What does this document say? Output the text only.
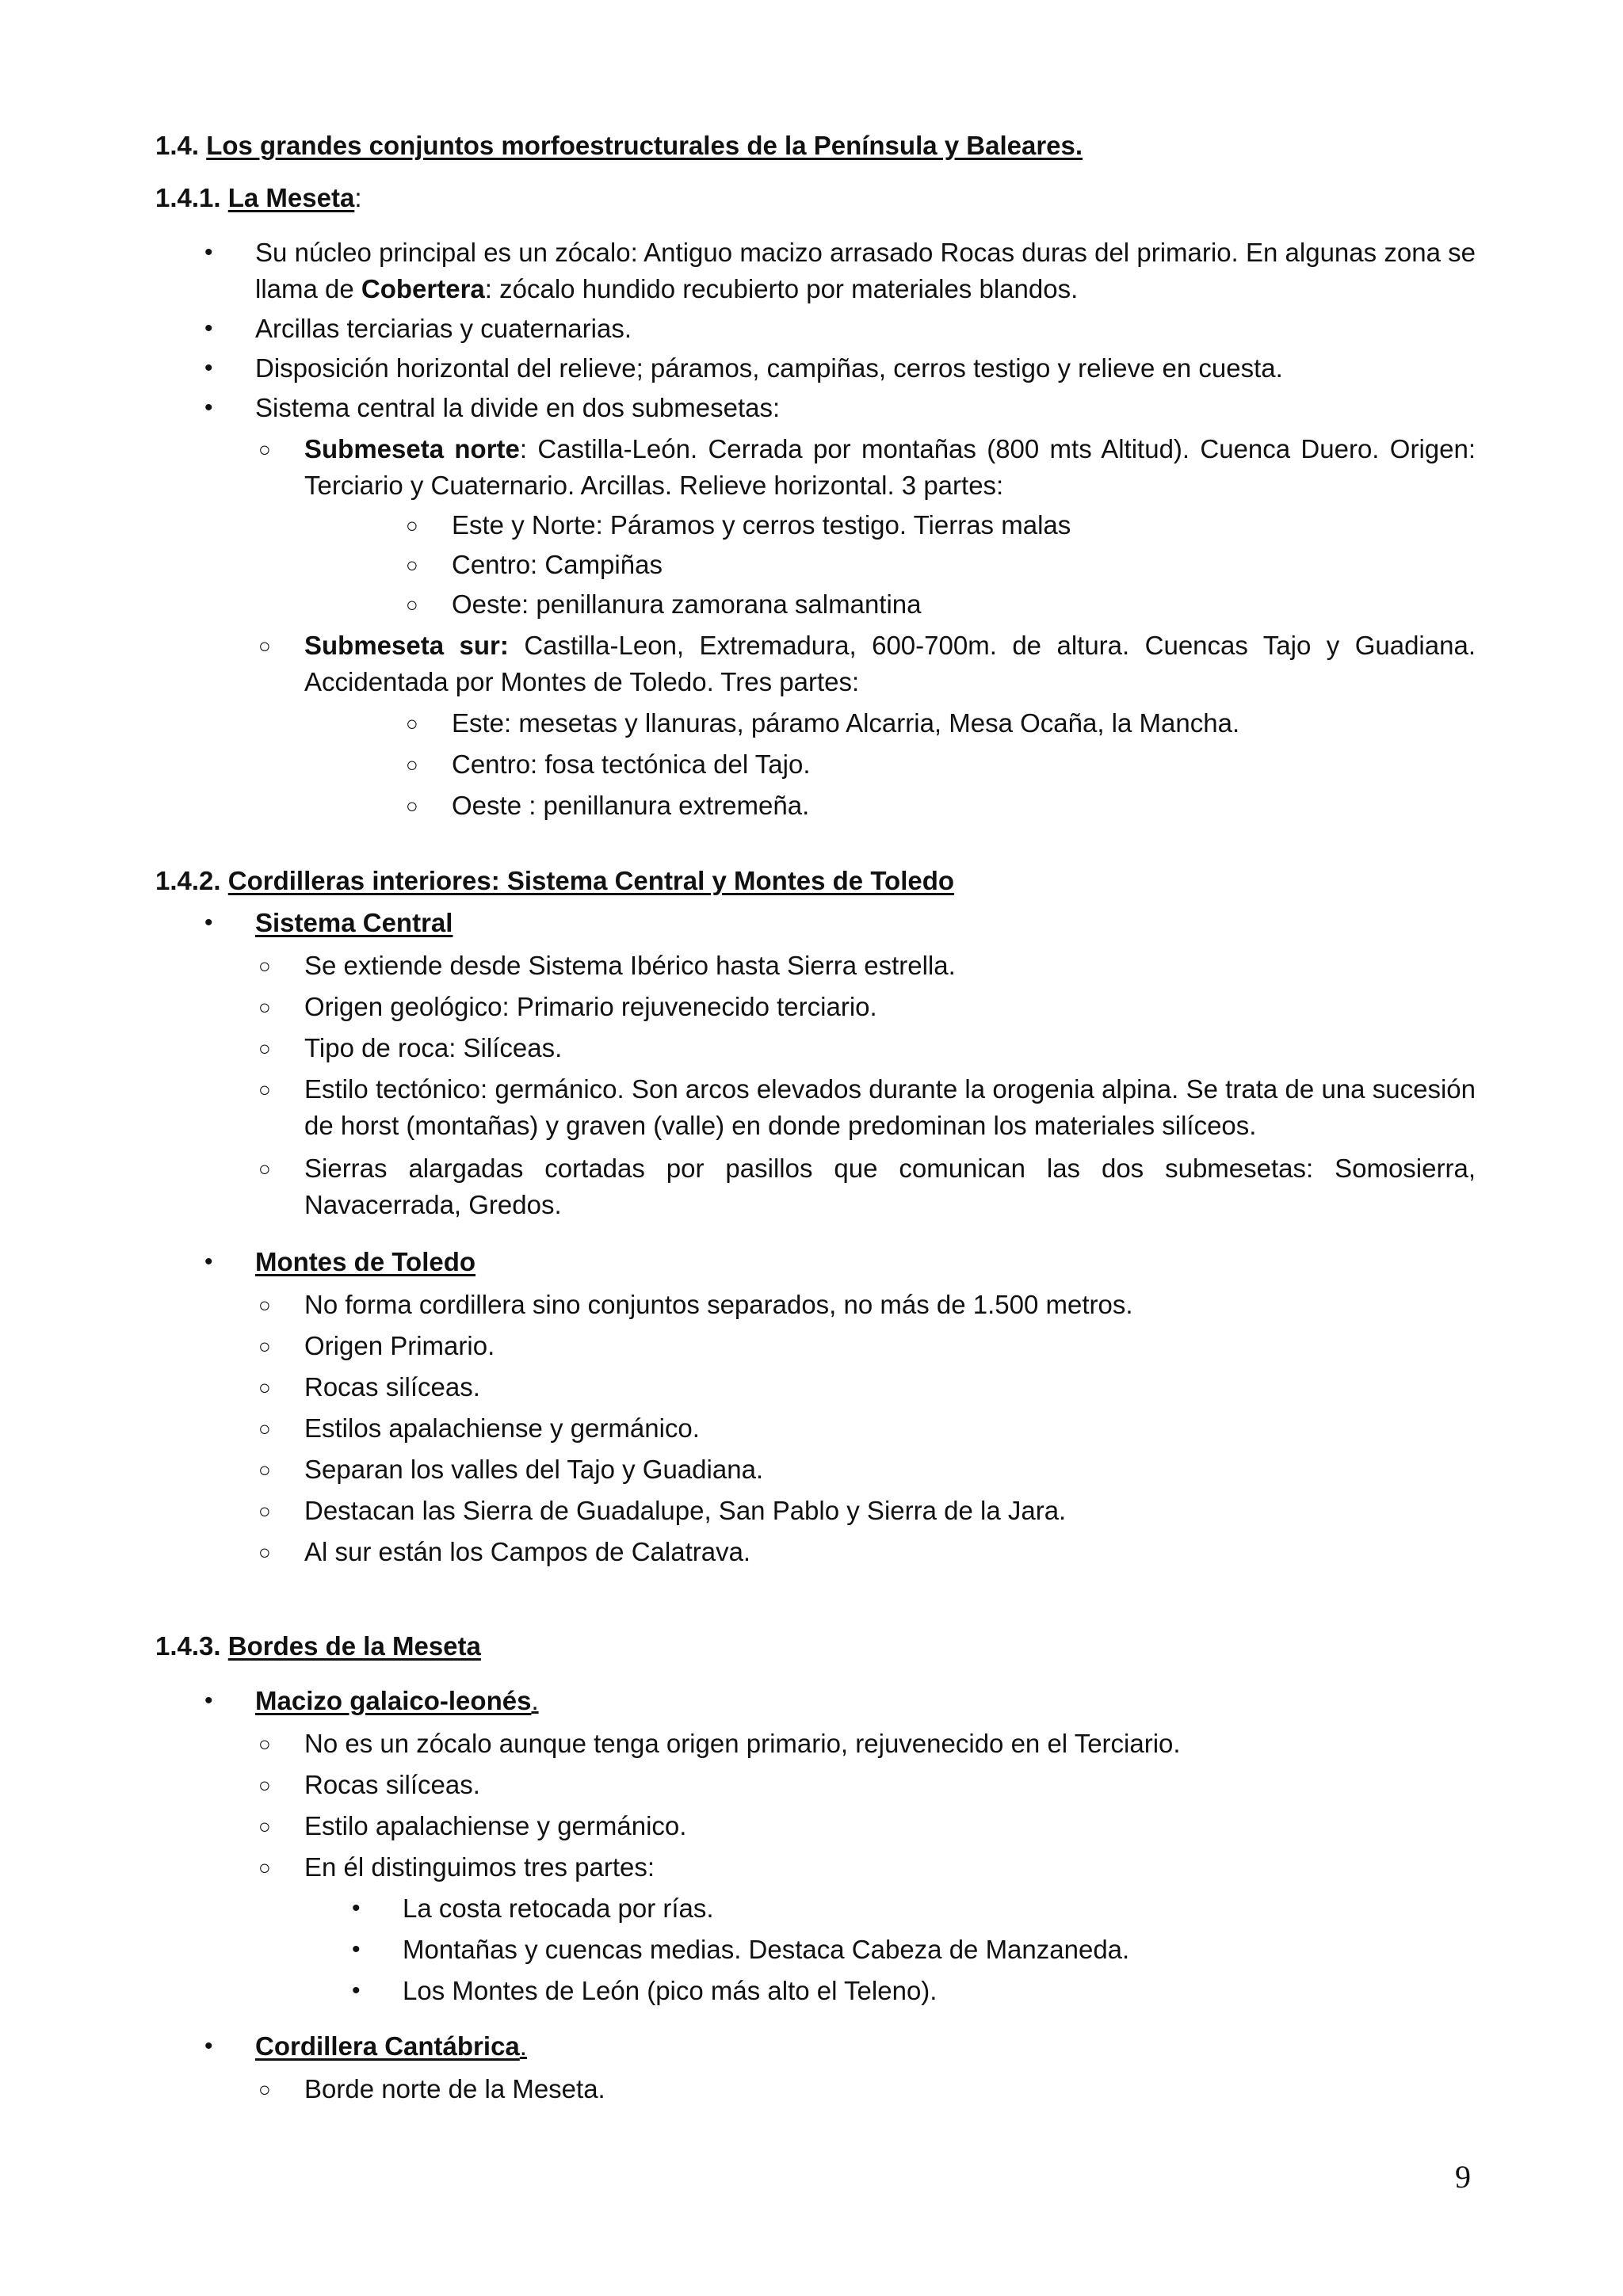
1.4. Los grandes conjuntos morfoestructurales de la Península y Baleares.
1.4.1. La Meseta:
• Su núcleo principal es un zócalo: Antiguo macizo arrasado Rocas duras del primario. En algunas zona se llama de Cobertera: zócalo hundido recubierto por materiales blandos.
• Arcillas terciarias y cuaternarias.
• Disposición horizontal del relieve; páramos, campiñas, cerros testigo y relieve en cuesta.
• Sistema central la divide en dos submesetas:
○ Submeseta norte: Castilla-León. Cerrada por montañas (800 mts Altitud). Cuenca Duero. Origen: Terciario y Cuaternario. Arcillas. Relieve horizontal. 3 partes:
○ Este y Norte: Páramos y cerros testigo. Tierras malas
○ Centro: Campiñas
○ Oeste: penillanura zamorana salmantina
○ Submeseta sur: Castilla-Leon, Extremadura, 600-700m. de altura. Cuencas Tajo y Guadiana. Accidentada por Montes de Toledo. Tres partes:
○ Este: mesetas y llanuras, páramo Alcarria, Mesa Ocaña, la Mancha.
○ Centro: fosa tectónica del Tajo.
○ Oeste : penillanura extremeña.
1.4.2. Cordilleras interiores: Sistema Central y Montes de Toledo
• Sistema Central
○ Se extiende desde Sistema Ibérico hasta Sierra estrella.
○ Origen geológico: Primario rejuvenecido terciario.
○ Tipo de roca: Silíceas.
○ Estilo tectónico: germánico. Son arcos elevados durante la orogenia alpina. Se trata de una sucesión de horst (montañas) y graven (valle) en donde predominan los materiales silíceos.
○ Sierras alargadas cortadas por pasillos que comunican las dos submesetas: Somosierra, Navacerrada, Gredos.
• Montes de Toledo
○ No forma cordillera sino conjuntos separados, no más de 1.500 metros.
○ Origen Primario.
○ Rocas silíceas.
○ Estilos apalachiense y germánico.
○ Separan los valles del Tajo y Guadiana.
○ Destacan las Sierra de Guadalupe, San Pablo y Sierra de la Jara.
○ Al sur están los Campos de Calatrava.
1.4.3. Bordes de la Meseta
• Macizo galaico-leonés.
○ No es un zócalo aunque tenga origen primario, rejuvenecido en el Terciario.
○ Rocas silíceas.
○ Estilo apalachiense y germánico.
○ En él distinguimos tres partes:
• La costa retocada por rías.
• Montañas y cuencas medias. Destaca Cabeza de Manzaneda.
• Los Montes de León (pico más alto el Teleno).
• Cordillera Cantábrica.
○ Borde norte de la Meseta.
9
